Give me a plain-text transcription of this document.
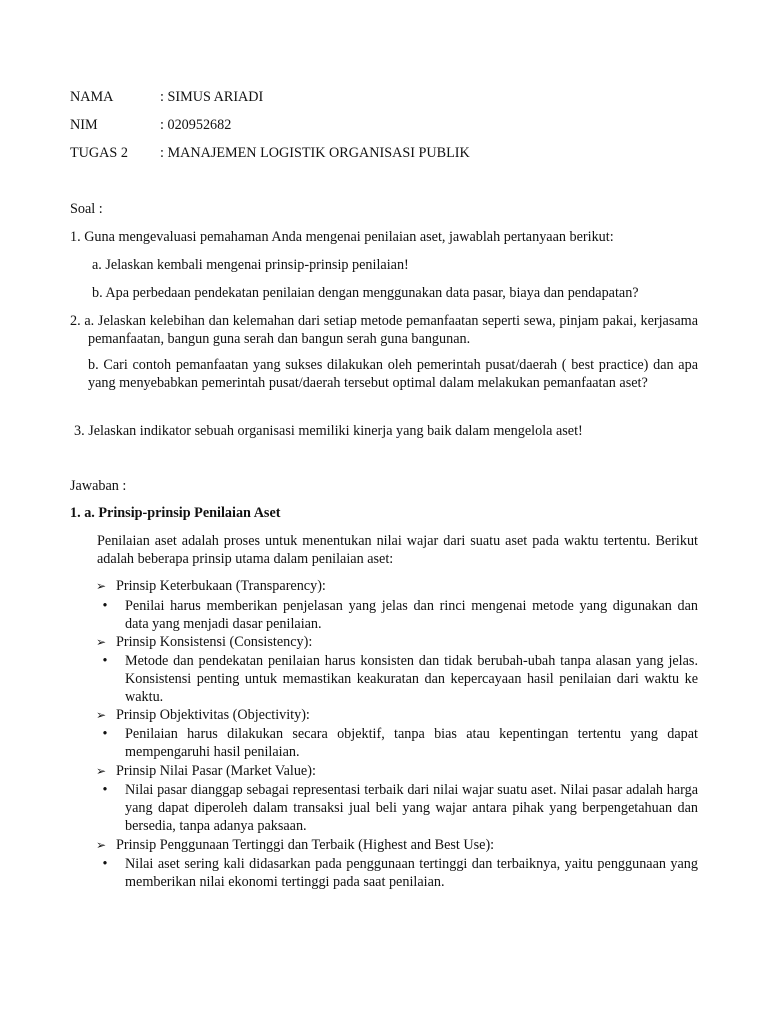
NAMA	: SIMUS ARIADI
NIM	: 020952682
TUGAS 2 : MANAJEMEN LOGISTIK ORGANISASI PUBLIK
Soal :
1. Guna mengevaluasi pemahaman Anda mengenai penilaian aset, jawablah pertanyaan berikut:
a. Jelaskan kembali mengenai prinsip-prinsip penilaian!
b. Apa perbedaan pendekatan penilaian dengan menggunakan data pasar, biaya dan pendapatan?
2. a. Jelaskan kelebihan dan kelemahan dari setiap metode pemanfaatan seperti sewa, pinjam pakai, kerjasama pemanfaatan, bangun guna serah dan bangun serah guna bangunan.
b. Cari contoh pemanfaatan yang sukses dilakukan oleh pemerintah pusat/daerah ( best practice) dan apa yang menyebabkan pemerintah pusat/daerah tersebut optimal dalam melakukan pemanfaatan aset?
3. Jelaskan indikator sebuah organisasi memiliki kinerja yang baik dalam mengelola aset!
Jawaban :
1. a. Prinsip-prinsip Penilaian Aset
Penilaian aset adalah proses untuk menentukan nilai wajar dari suatu aset pada waktu tertentu. Berikut adalah beberapa prinsip utama dalam penilaian aset:
➢ Prinsip Keterbukaan (Transparency):
• Penilai harus memberikan penjelasan yang jelas dan rinci mengenai metode yang digunakan dan data yang menjadi dasar penilaian.
➢ Prinsip Konsistensi (Consistency):
• Metode dan pendekatan penilaian harus konsisten dan tidak berubah-ubah tanpa alasan yang jelas. Konsistensi penting untuk memastikan keakuratan dan kepercayaan hasil penilaian dari waktu ke waktu.
➢ Prinsip Objektivitas (Objectivity):
• Penilaian harus dilakukan secara objektif, tanpa bias atau kepentingan tertentu yang dapat mempengaruhi hasil penilaian.
➢ Prinsip Nilai Pasar (Market Value):
• Nilai pasar dianggap sebagai representasi terbaik dari nilai wajar suatu aset. Nilai pasar adalah harga yang dapat diperoleh dalam transaksi jual beli yang wajar antara pihak yang berpengetahuan dan bersedia, tanpa adanya paksaan.
➢ Prinsip Penggunaan Tertinggi dan Terbaik (Highest and Best Use):
• Nilai aset sering kali didasarkan pada penggunaan tertinggi dan terbaiknya, yaitu penggunaan yang memberikan nilai ekonomi tertinggi pada saat penilaian.
